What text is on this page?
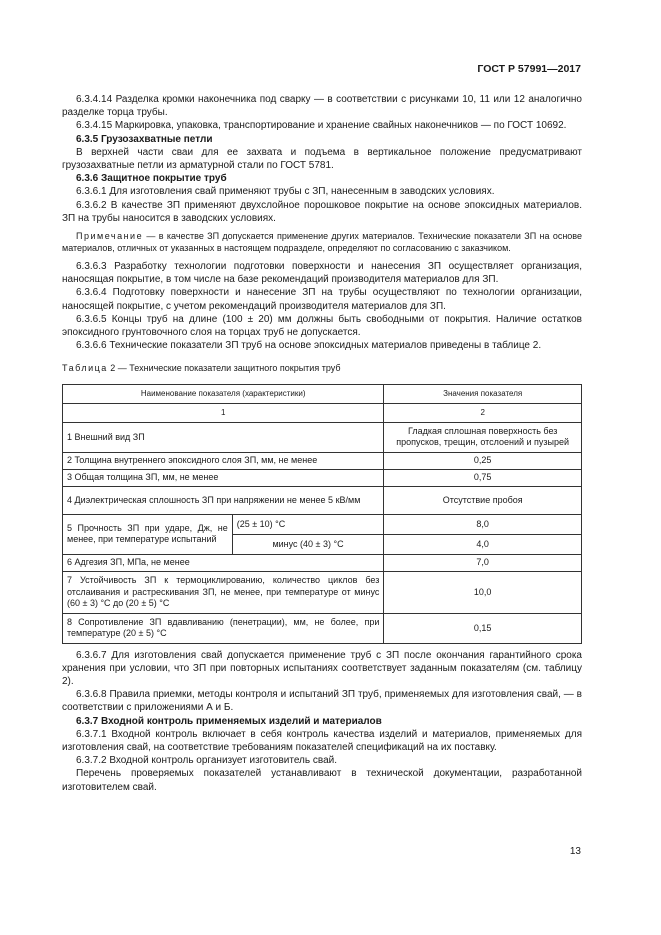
ГОСТ Р 57991—2017

6.3.4.14 Разделка кромки наконечника под сварку — в соответствии с рисунками 10, 11 или 12 аналогично разделке торца трубы.

6.3.4.15 Маркировка, упаковка, транспортирование и хранение свайных наконечников — по ГОСТ 10692.

6.3.5 Грузозахватные петли

В верхней части сваи для ее захвата и подъема в вертикальное положение предусматривают грузозахватные петли из арматурной стали по ГОСТ 5781.

6.3.6 Защитное покрытие труб

6.3.6.1 Для изготовления свай применяют трубы с ЗП, нанесенным в заводских условиях.

6.3.6.2 В качестве ЗП применяют двухслойное порошковое покрытие на основе эпоксидных материалов. ЗП на трубы наносится в заводских условиях.

Примечание — в качестве ЗП допускается применение других материалов. Технические показатели ЗП на основе материалов, отличных от указанных в настоящем подразделе, определяют по согласованию с заказчиком.

6.3.6.3 Разработку технологии подготовки поверхности и нанесения ЗП осуществляет организация, наносящая покрытие, в том числе на базе рекомендаций производителя материалов для ЗП.

6.3.6.4 Подготовку поверхности и нанесение ЗП на трубы осуществляют по технологии организации, наносящей покрытие, с учетом рекомендаций производителя материалов для ЗП.

6.3.6.5 Концы труб на длине (100 ± 20) мм должны быть свободными от покрытия. Наличие остатков эпоксидного грунтовочного слоя на торцах труб не допускается.

6.3.6.6 Технические показатели ЗП труб на основе эпоксидных материалов приведены в таблице 2.

Таблица 2 — Технические показатели защитного покрытия труб

Наименование показателя (характеристики)		Значения показателя
1		2
1 Внешний вид ЗП		Гладкая сплошная поверхность без пропусков, трещин, отслоений и пузырей
2 Толщина внутреннего эпоксидного слоя ЗП, мм, не менее		0,25
3 Общая толщина ЗП, мм, не менее		0,75
4 Диэлектрическая сплошность ЗП при напряжении не менее 5 кВ/мм		Отсутствие пробоя
5 Прочность ЗП при ударе, Дж, не менее, при температуре испытаний	(25 ± 10) °С	8,0
	минус (40 ± 3) °С	4,0
6 Адгезия ЗП, МПа, не менее		7,0
7 Устойчивость ЗП к термоциклированию, количество циклов без отслаивания и растрескивания ЗП, не менее, при температуре от минус (60 ± 3) °С до (20 ± 5) °С		10,0
8 Сопротивление ЗП вдавливанию (пенетрации), мм, не более, при температуре (20 ± 5) °С		0,15

6.3.6.7 Для изготовления свай допускается применение труб с ЗП после окончания гарантийного срока хранения при условии, что ЗП при повторных испытаниях соответствует заданным показателям (см. таблицу 2).

6.3.6.8 Правила приемки, методы контроля и испытаний ЗП труб, применяемых для изготовления свай, — в соответствии с приложениями А и Б.

6.3.7 Входной контроль применяемых изделий и материалов

6.3.7.1 Входной контроль включает в себя контроль качества изделий и материалов, применяемых для изготовления свай, на соответствие требованиям показателей спецификаций на их поставку.

6.3.7.2 Входной контроль организует изготовитель свай.

Перечень проверяемых показателей устанавливают в технической документации, разработанной изготовителем свай.

13
